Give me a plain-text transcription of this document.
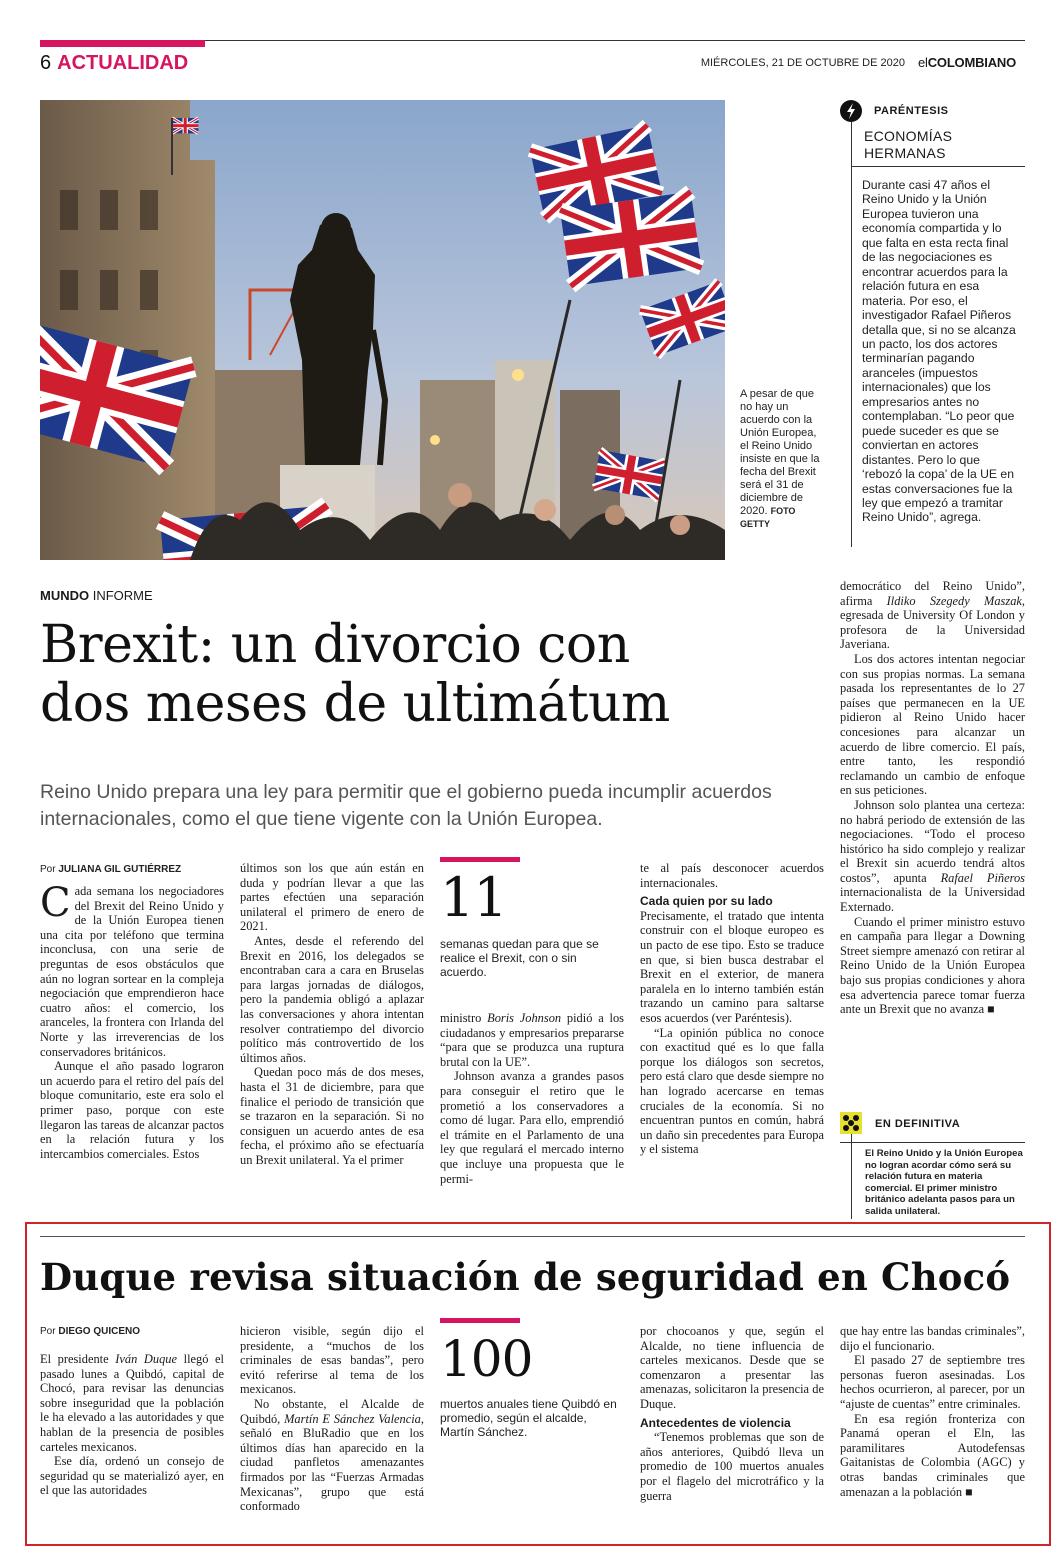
6 ACTUALIDAD	MIÉRCOLES, 21 DE OCTUBRE DE 2020 elCOLOMBIANO
A pesar de que no hay un acuerdo con la Unión Europea, el Reino Unido insiste en que la fecha del Brexit será el 31 de diciembre de 2020. FOTO GETTY
PARÉNTESIS
ECONOMÍAS HERMANAS
Durante casi 47 años el Reino Unido y la Unión Europea tuvieron una economía compartida y lo que falta en esta recta final de las negociaciones es encontrar acuerdos para la relación futura en esa materia. Por eso, el investigador Rafael Piñeros detalla que, si no se alcanza un pacto, los dos actores terminarían pagando aranceles (impuestos internacionales) que los empresarios antes no contemplaban. “Lo peor que puede suceder es que se conviertan en actores distantes. Pero lo que ‘rebozó la copa’ de la UE en estas conversaciones fue la ley que empezó a tramitar Reino Unido”, agrega.
MUNDO INFORME
Brexit: un divorcio con
dos meses de ultimátum
Reino Unido prepara una ley para permitir que el gobierno pueda incumplir acuerdos internacionales, como el que tiene vigente con la Unión Europea.
Por JULIANA GIL GUTIÉRREZ

Cada semana los negociadores del Brexit del Reino Unido y de la Unión Europea tienen una cita por teléfono que termina inconclusa, con una serie de preguntas de esos obstáculos que aún no logran sortear en la compleja negociación que emprendieron hace cuatro años: el comercio, los aranceles, la frontera con Irlanda del Norte y las irreverencias de los conservadores británicos.

Aunque el año pasado lograron un acuerdo para el retiro del país del bloque comunitario, este era solo el primer paso, porque con este llegaron las tareas de alcanzar pactos en la relación futura y los intercambios comerciales. Estos

últimos son los que aún están en duda y podrían llevar a que las partes efectúen una separación unilateral el primero de enero de 2021.

Antes, desde el referendo del Brexit en 2016, los delegados se encontraban cara a cara en Bruselas para largas jornadas de diálogos, pero la pandemia obligó a aplazar las conversaciones y ahora intentan resolver contratiempo del divorcio político más controvertido de los últimos años.

Quedan poco más de dos meses, hasta el 31 de diciembre, para que finalice el periodo de transición que se trazaron en la separación. Si no consiguen un acuerdo antes de esa fecha, el próximo año se efectuaría un Brexit unilateral. Ya el primer

11
semanas quedan para que se realice el Brexit, con o sin acuerdo.

ministro Boris Johnson pidió a los ciudadanos y empresarios prepararse “para que se produzca una ruptura brutal con la UE”.

Johnson avanza a grandes pasos para conseguir el retiro que le prometió a los conservadores a como dé lugar. Para ello, emprendió el trámite en el Parlamento de una ley que regulará el mercado interno que incluye una propuesta que le permi-

te al país desconocer acuerdos internacionales.

Cada quien por su lado

Precisamente, el tratado que intenta construir con el bloque europeo es un pacto de ese tipo. Esto se traduce en que, si bien busca destrabar el Brexit en el exterior, de manera paralela en lo interno también están trazando un camino para saltarse esos acuerdos (ver Paréntesis).

“La opinión pública no conoce con exactitud qué es lo que falla porque los diálogos son secretos, pero está claro que desde siempre no han logrado acercarse en temas cruciales de la economía. Si no encuentran puntos en común, habrá un daño sin precedentes para Europa y el sistema

democrático del Reino Unido”, afirma Ildiko Szegedy Maszak, egresada de University Of London y profesora de la Universidad Javeriana.

Los dos actores intentan negociar con sus propias normas. La semana pasada los representantes de lo 27 países que permanecen en la UE pidieron al Reino Unido hacer concesiones para alcanzar un acuerdo de libre comercio. El país, entre tanto, les respondió reclamando un cambio de enfoque en sus peticiones.

Johnson solo plantea una certeza: no habrá periodo de extensión de las negociaciones. “Todo el proceso histórico ha sido complejo y realizar el Brexit sin acuerdo tendrá altos costos”, apunta Rafael Piñeros internacionalista de la Universidad Externado.

Cuando el primer ministro estuvo en campaña para llegar a Downing Street siempre amenazó con retirar al Reino Unido de la Unión Europea bajo sus propias condiciones y ahora esa advertencia parece tomar fuerza ante un Brexit que no avanza ■

EN DEFINITIVA
El Reino Unido y la Unión Europea no logran acordar cómo será su relación futura en materia comercial. El primer ministro británico adelanta pasos para un salida unilateral.
Duque revisa situación de seguridad en Chocó
Por DIEGO QUICENO

El presidente Iván Duque llegó el pasado lunes a Quibdó, capital de Chocó, para revisar las denuncias sobre inseguridad que la población le ha elevado a las autoridades y que hablan de la presencia de posibles carteles mexicanos.

Ese día, ordenó un consejo de seguridad qu se materializó ayer, en el que las autoridades

hicieron visible, según dijo el presidente, a “muchos de los criminales de esas bandas”, pero evitó referirse al tema de los mexicanos.

No obstante, el Alcalde de Quibdó, Martín E Sánchez Valencia, señaló en BluRadio que en los últimos días han aparecido en la ciudad panfletos amenazantes firmados por las “Fuerzas Armadas Mexicanas”, grupo que está conformado

100
muertos anuales tiene Quibdó en promedio, según el alcalde, Martín Sánchez.

por chocoanos y que, según el Alcalde, no tiene influencia de carteles mexicanos. Desde que se comenzaron a presentar las amenazas, solicitaron la presencia de Duque.

Antecedentes de violencia

“Tenemos problemas que son de años anteriores, Quibdó lleva un promedio de 100 muertos anuales por el flagelo del microtráfico y la guerra

que hay entre las bandas criminales”, dijo el funcionario.

El pasado 27 de septiembre tres personas fueron asesinadas. Los hechos ocurrieron, al parecer, por un “ajuste de cuentas” entre criminales.

En esa región fronteriza con Panamá operan el Eln, las paramilitares Autodefensas Gaitanistas de Colombia (AGC) y otras bandas criminales que amenazan a la población ■
